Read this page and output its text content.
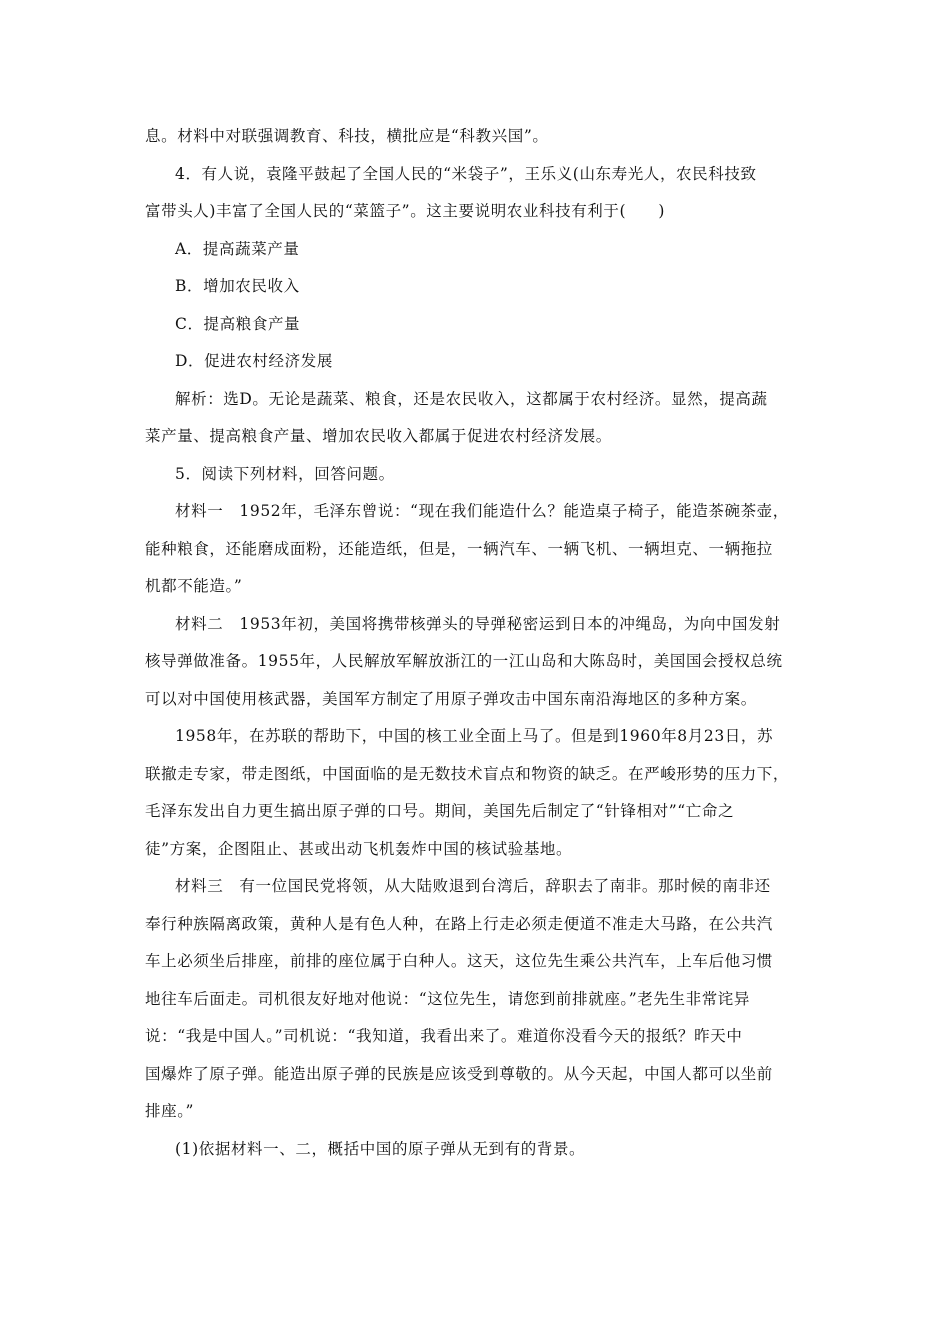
息。材料中对联强调教育、科技，横批应是“科教兴国”。
4．有人说，袁隆平鼓起了全国人民的“米袋子”，王乐义(山东寿光人，农民科技致
富带头人)丰富了全国人民的“菜篮子”。这主要说明农业科技有利于(　　)
A．提高蔬菜产量
B．增加农民收入
C．提高粮食产量
D．促进农村经济发展
解析：选D。无论是蔬菜、粮食，还是农民收入，这都属于农村经济。显然，提高蔬
菜产量、提高粮食产量、增加农民收入都属于促进农村经济发展。
5．阅读下列材料，回答问题。
材料一　1952年，毛泽东曾说：“现在我们能造什么？能造桌子椅子，能造茶碗茶壶，
能种粮食，还能磨成面粉，还能造纸，但是，一辆汽车、一辆飞机、一辆坦克、一辆拖拉
机都不能造。”
材料二　1953年初，美国将携带核弹头的导弹秘密运到日本的冲绳岛，为向中国发射
核导弹做准备。1955年，人民解放军解放浙江的一江山岛和大陈岛时，美国国会授权总统
可以对中国使用核武器，美国军方制定了用原子弹攻击中国东南沿海地区的多种方案。
1958年，在苏联的帮助下，中国的核工业全面上马了。但是到1960年8月23日，苏
联撤走专家，带走图纸，中国面临的是无数技术盲点和物资的缺乏。在严峻形势的压力下，
毛泽东发出自力更生搞出原子弹的口号。期间，美国先后制定了“针锋相对”“亡命之
徒”方案，企图阻止、甚或出动飞机轰炸中国的核试验基地。
材料三　有一位国民党将领，从大陆败退到台湾后，辞职去了南非。那时候的南非还
奉行种族隔离政策，黄种人是有色人种，在路上行走必须走便道不准走大马路，在公共汽
车上必须坐后排座，前排的座位属于白种人。这天，这位先生乘公共汽车，上车后他习惯
地往车后面走。司机很友好地对他说：“这位先生，请您到前排就座。”老先生非常诧异
说：“我是中国人。”司机说：“我知道，我看出来了。难道你没看今天的报纸？昨天中
国爆炸了原子弹。能造出原子弹的民族是应该受到尊敬的。从今天起，中国人都可以坐前
排座。”
(1)依据材料一、二，概括中国的原子弹从无到有的背景。
